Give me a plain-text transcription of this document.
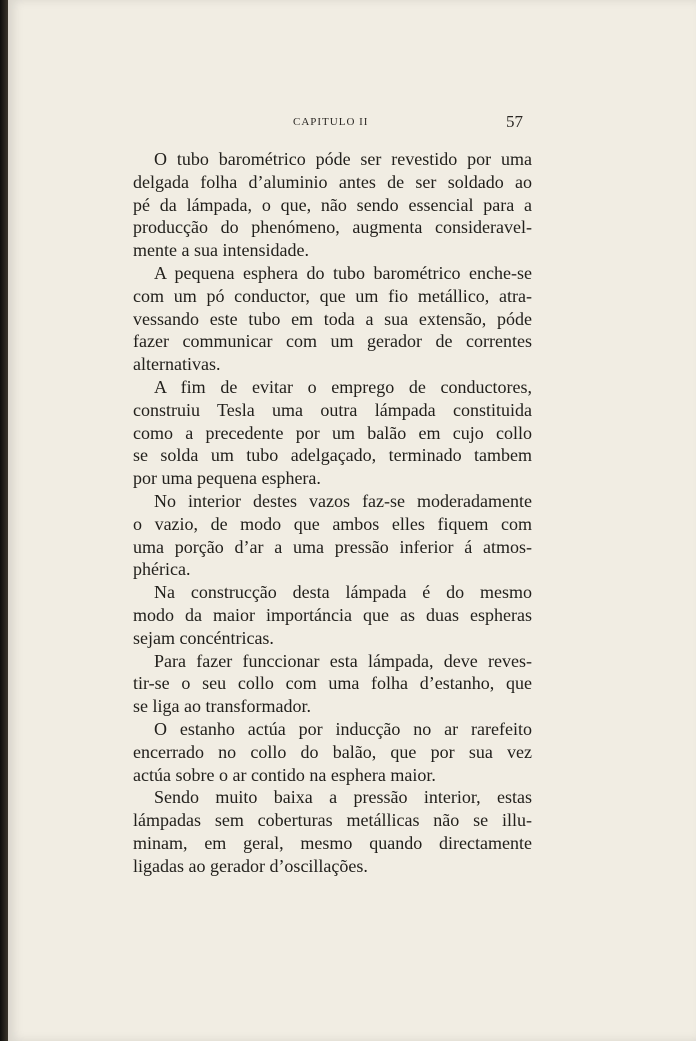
CAPITULO II	57

O tubo barométrico póde ser revestido por uma
delgada folha d’aluminio antes de ser soldado ao
pé da lámpada, o que, não sendo essencial para a
producção do phenómeno, augmenta consideravel-
mente a sua intensidade.

A pequena esphera do tubo barométrico enche-se
com um pó conductor, que um fio metállico, atra-
vessando este tubo em toda a sua extensão, póde
fazer communicar com um gerador de correntes
alternativas.

A fim de evitar o emprego de conductores,
construiu Tesla uma outra lámpada constituida
como a precedente por um balão em cujo collo
se solda um tubo adelgaçado, terminado tambem
por uma pequena esphera.

No interior destes vazos faz-se moderadamente
o vazio, de modo que ambos elles fiquem com
uma porção d’ar a uma pressão inferior á atmos-
phérica.

Na construcção desta lámpada é do mesmo
modo da maior importáncia que as duas espheras
sejam concéntricas.

Para fazer funccionar esta lámpada, deve reves-
tir-se o seu collo com uma folha d’estanho, que
se liga ao transformador.

O estanho actúa por inducção no ar rarefeito
encerrado no collo do balão, que por sua vez
actúa sobre o ar contido na esphera maior.

Sendo muito baixa a pressão interior, estas
lámpadas sem coberturas metállicas não se illu-
minam, em geral, mesmo quando directamente
ligadas ao gerador d’oscillações.
